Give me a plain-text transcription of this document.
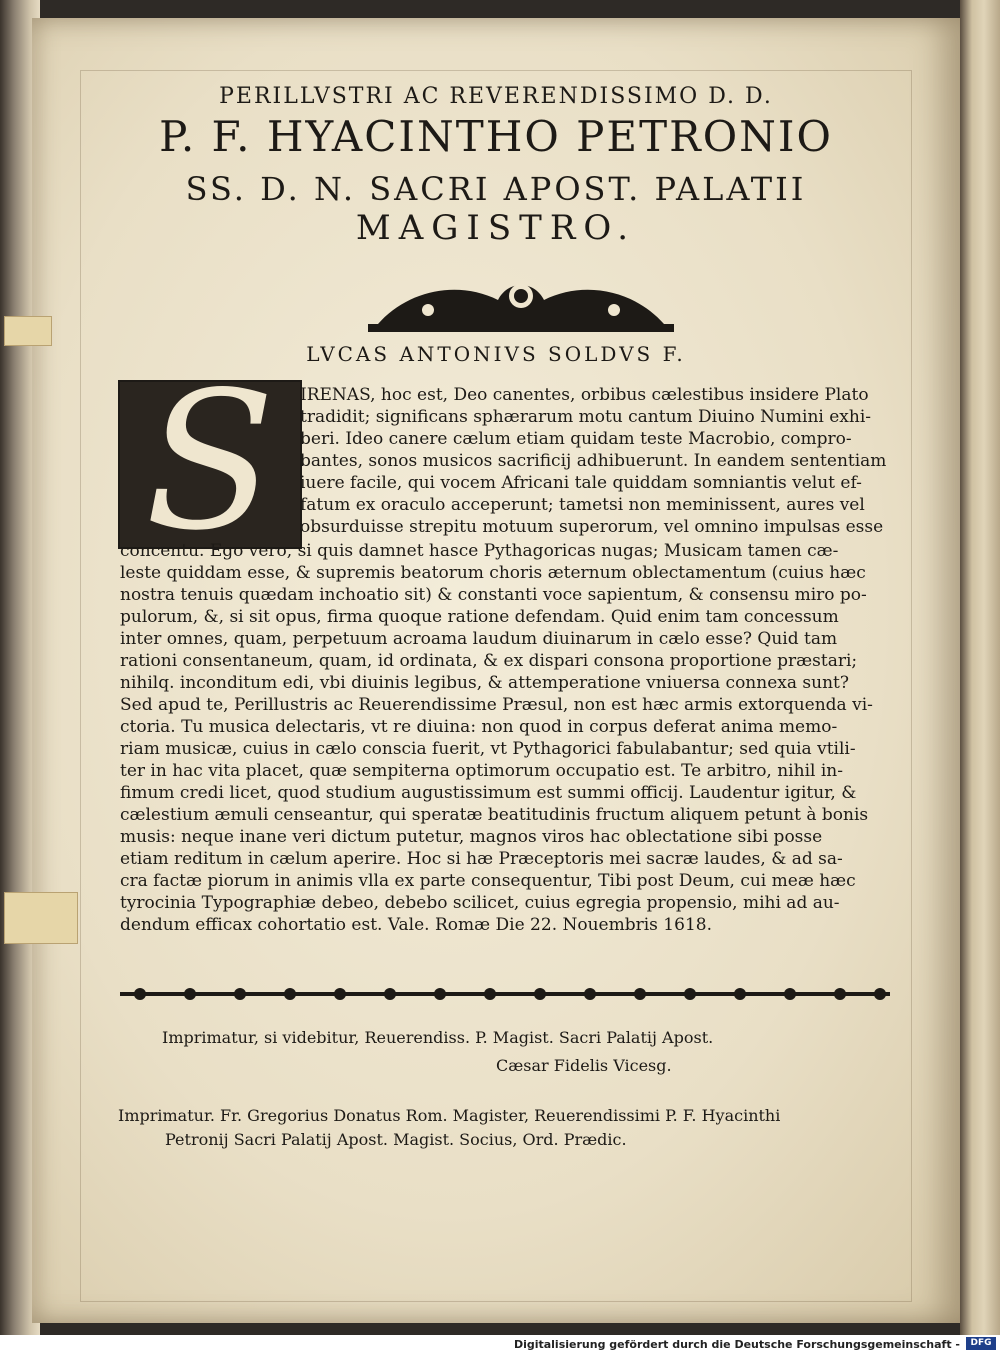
PERILLVSTRI AC REVERENDISSIMO D. D.
P. F. HYACINTHO PETRONIO
SS. D. N. SACRI APOST. PALATII
MAGISTRO.
LVCAS ANTONIVS SOLDVS F.
S	IRENAS, hoc est, Deo canentes, orbibus cælestibus insidere Plato
tradidit; significans sphærarum motu cantum Diuino Numini exhi-
beri. Ideo canere cælum etiam quidam teste Macrobio, compro-
bantes, sonos musicos sacrificij adhibuerunt. In eandem sententiam
iuere facile, qui vocem Africani tale quiddam somniantis velut ef-
fatum ex oraculo acceperunt; tametsi non meminissent, aures vel
obsurduisse strepitu motuum superorum, vel omnino impulsas esse
concentu. Ego vero, si quis damnet hasce Pythagoricas nugas; Musicam tamen cæ-
leste quiddam esse, & supremis beatorum choris æternum oblectamentum (cuius hæc
nostra tenuis quædam inchoatio sit) & constanti voce sapientum, & consensu miro po-
pulorum, &, si sit opus, firma quoque ratione defendam. Quid enim tam concessum
inter omnes, quam, perpetuum acroama laudum diuinarum in cælo esse? Quid tam
rationi consentaneum, quam, id ordinata, & ex dispari consona proportione præstari;
nihilq. inconditum edi, vbi diuinis legibus, & attemperatione vniuersa connexa sunt?
Sed apud te, Perillustris ac Reuerendissime Præsul, non est hæc armis extorquenda vi-
ctoria. Tu musica delectaris, vt re diuina: non quod in corpus deferat anima memo-
riam musicæ, cuius in cælo conscia fuerit, vt Pythagorici fabulabantur; sed quia vtili-
ter in hac vita placet, quæ sempiterna optimorum occupatio est. Te arbitro, nihil in-
fimum credi licet, quod studium augustissimum est summi officij. Laudentur igitur, &
cælestium æmuli censeantur, qui speratæ beatitudinis fructum aliquem petunt à bonis
musis: neque inane veri dictum putetur, magnos viros hac oblectatione sibi posse
etiam reditum in cælum aperire. Hoc si hæ Præceptoris mei sacræ laudes, & ad sa-
cra factæ piorum in animis vlla ex parte consequentur, Tibi post Deum, cui meæ hæc
tyrocinia Typographiæ debeo, debebo scilicet, cuius egregia propensio, mihi ad au-
dendum efficax cohortatio est. Vale. Romæ Die 22. Nouembris 1618.
Imprimatur, si videbitur, Reuerendiss. P. Magist. Sacri Palatij Apost.
Cæsar Fidelis Vicesg.
Imprimatur. Fr. Gregorius Donatus Rom. Magister, Reuerendissimi P. F. Hyacinthi
Petronij Sacri Palatij Apost. Magist. Socius, Ord. Prædic.
Digitalisierung gefördert durch die Deutsche Forschungsgemeinschaft -	DFG
